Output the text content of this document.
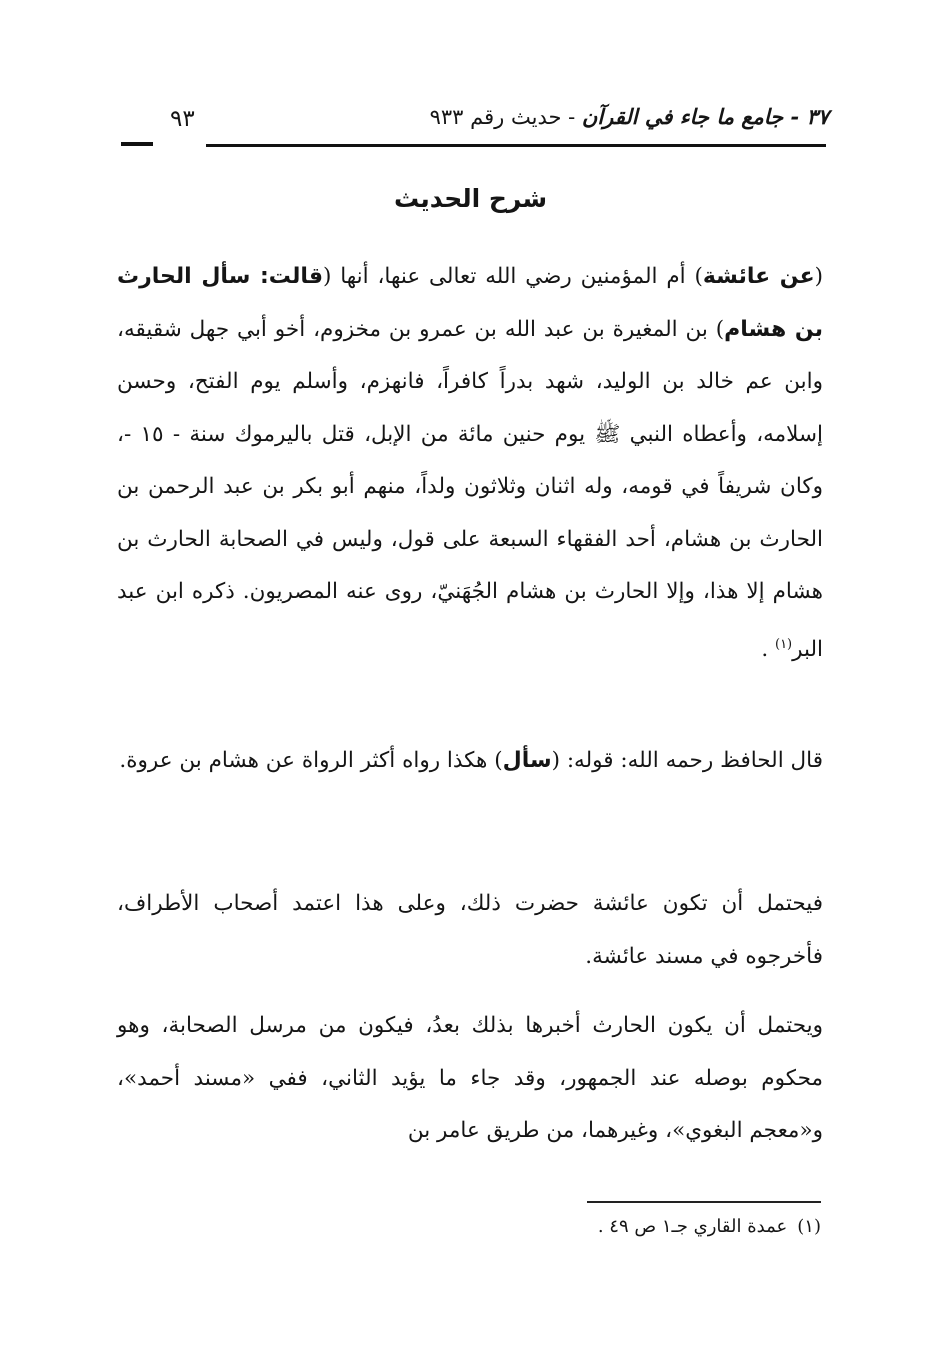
٣٧ - جامع ما جاء في القرآن - حديث رقم ٩٣٣
٩٣
شرح الحديث
(عن عائشة) أم المؤمنين رضي الله تعالى عنها، أنها (قالت: سأل الحارث بن هشام) بن المغيرة بن عبد الله بن عمرو بن مخزوم، أخو أبي جهل شقيقه، وابن عم خالد بن الوليد، شهد بدراً كافراً، فانهزم، وأسلم يوم الفتح، وحسن إسلامه، وأعطاه النبي ﷺ يوم حنين مائة من الإبل، قتل باليرموك سنة - ١٥ -، وكان شريفاً في قومه، وله اثنان وثلاثون ولداً، منهم أبو بكر بن عبد الرحمن بن الحارث بن هشام، أحد الفقهاء السبعة على قول، وليس في الصحابة الحارث بن هشام إلا هذا، وإلا الحارث بن هشام الجُهَنيّ، روى عنه المصريون. ذكره ابن عبد البر$^{(١)}$ .
قال الحافظ رحمه الله: قوله: (سأل) هكذا رواه أكثر الرواة عن هشام بن عروة.
فيحتمل أن تكون عائشة حضرت ذلك، وعلى هذا اعتمد أصحاب الأطراف، فأخرجوه في مسند عائشة.
ويحتمل أن يكون الحارث أخبرها بذلك بعدُ، فيكون من مرسل الصحابة، وهو محكوم بوصله عند الجمهور، وقد جاء ما يؤيد الثاني، ففي «مسند أحمد»، و«معجم البغوي»، وغيرهما، من طريق عامر بن
(١)عمدة القاري جـ١ ص ٤٩ .
